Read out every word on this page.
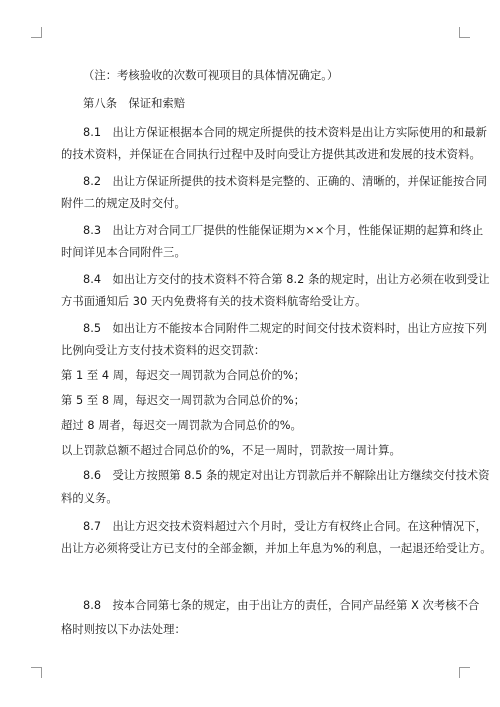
（注：考核验收的次数可视项目的具体情况确定。）
第八条　保证和索赔
8.1　出让方保证根据本合同的规定所提供的技术资料是出让方实际使用的和最新
的技术资料，并保证在合同执行过程中及时向受让方提供其改进和发展的技术资料。
8.2　出让方保证所提供的技术资料是完整的、正确的、清晰的，并保证能按合同
附件二的规定及时交付。
8.3　出让方对合同工厂提供的性能保证期为××个月，性能保证期的起算和终止
时间详见本合同附件三。
8.4　如出让方交付的技术资料不符合第 8.2 条的规定时，出让方必须在收到受让
方书面通知后 30 天内免费将有关的技术资料航寄给受让方。
8.5　如出让方不能按本合同附件二规定的时间交付技术资料时，出让方应按下列
比例向受让方支付技术资料的迟交罚款：
第 1 至 4 周，每迟交一周罚款为合同总价的%；
第 5 至 8 周，每迟交一周罚款为合同总价的%；
超过 8 周者，每迟交一周罚款为合同总价的%。
以上罚款总额不超过合同总价的%，不足一周时，罚款按一周计算。
8.6　受让方按照第 8.5 条的规定对出让方罚款后并不解除出让方继续交付技术资
料的义务。
8.7　出让方迟交技术资料超过六个月时，受让方有权终止合同。在这种情况下，
出让方必须将受让方已支付的全部金额，并加上年息为%的利息，一起退还给受让方。
8.8　按本合同第七条的规定，由于出让方的责任，合同产品经第 X 次考核不合
格时则按以下办法处理：
